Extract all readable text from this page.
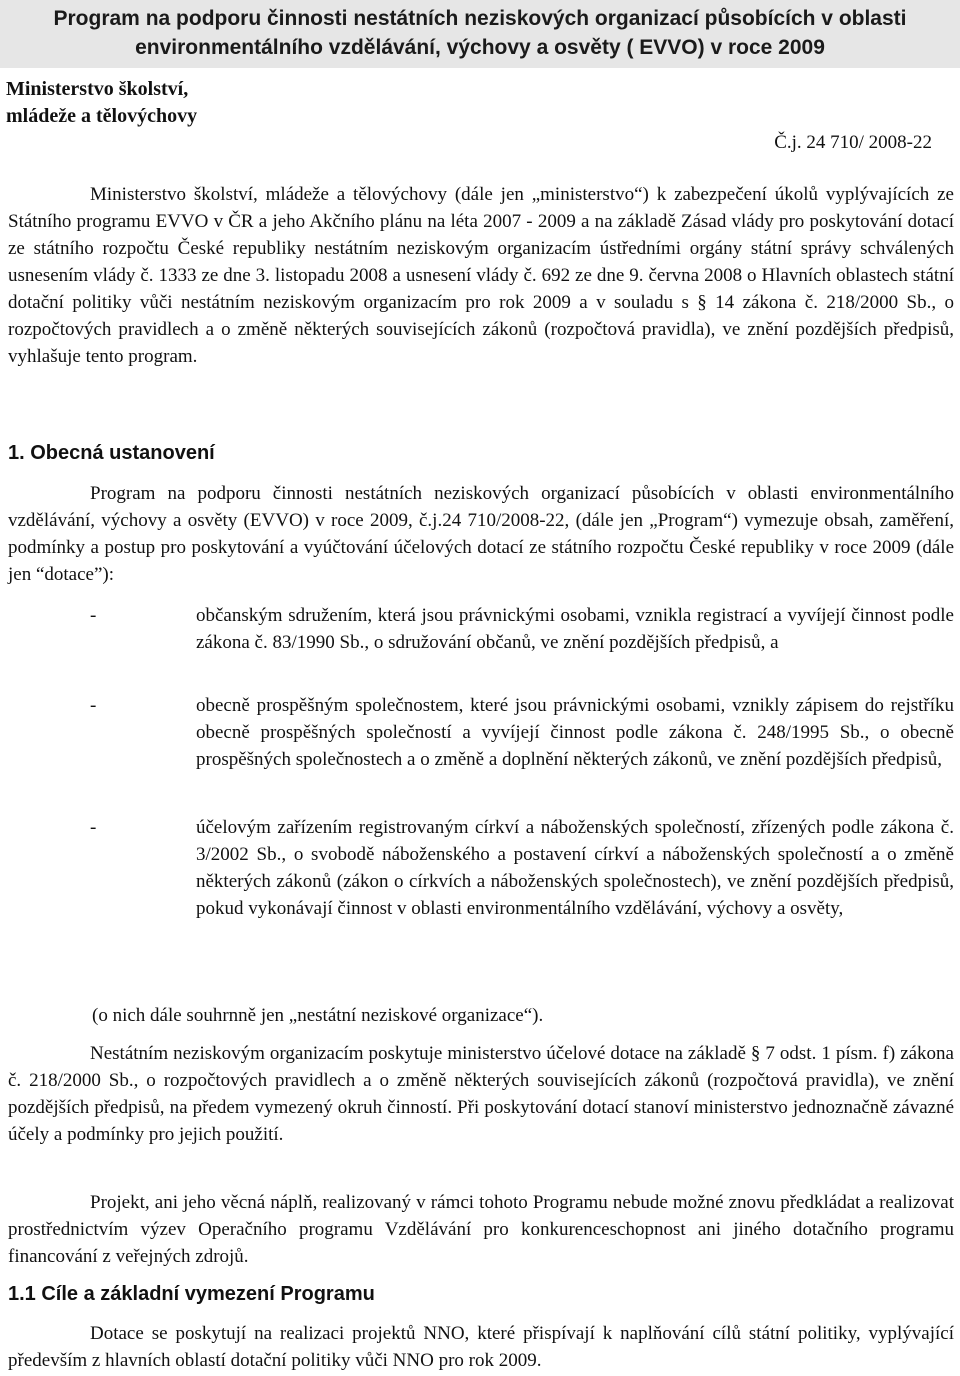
Program na podporu činnosti nestátních neziskových organizací působících v oblasti environmentálního vzdělávání, výchovy a osvěty ( EVVO) v roce 2009
Ministerstvo školství,
mládeže a tělovýchovy
Č.j. 24 710/ 2008-22
Ministerstvo školství, mládeže a tělovýchovy (dále jen „ministerstvo“) k zabezpečení úkolů vyplývajících ze Státního programu EVVO v ČR a jeho Akčního plánu na léta 2007 - 2009 a na základě Zásad vlády pro poskytování dotací ze státního rozpočtu České republiky nestátním neziskovým organizacím ústředními orgány státní správy schválených usnesením vlády č. 1333 ze dne 3. listopadu 2008 a usnesení vlády č. 692 ze dne 9. června 2008 o Hlavních oblastech státní dotační politiky vůči nestátním neziskovým organizacím pro rok 2009 a v souladu s § 14 zákona č. 218/2000 Sb., o rozpočtových pravidlech a o změně některých souvisejících zákonů (rozpočtová pravidla), ve znění pozdějších předpisů, vyhlašuje tento program.
1. Obecná ustanovení
Program na podporu činnosti nestátních neziskových organizací působících v oblasti environmentálního vzdělávání, výchovy a osvěty (EVVO) v roce 2009, č.j.24 710/2008-22, (dále jen „Program“) vymezuje obsah, zaměření, podmínky a postup pro poskytování a vyúčtování účelových dotací ze státního rozpočtu České republiky v roce 2009 (dále jen “dotace”):
-	občanským sdružením, která jsou právnickými osobami, vznikla registrací a vyvíjejí činnost podle zákona č. 83/1990 Sb., o sdružování občanů, ve znění pozdějších předpisů, a
-	obecně prospěšným společnostem, které jsou právnickými osobami, vznikly zápisem do rejstříku obecně prospěšných společností a vyvíjejí činnost podle zákona č. 248/1995 Sb., o obecně prospěšných společnostech a o změně a doplnění některých zákonů, ve znění pozdějších předpisů,
-	účelovým zařízením registrovaným církví a náboženských společností, zřízených podle zákona č. 3/2002 Sb., o svobodě náboženského a postavení církví a náboženských společností a o změně některých zákonů (zákon o církvích a náboženských společnostech), ve znění pozdějších předpisů, pokud vykonávají činnost v oblasti environmentálního vzdělávání, výchovy a osvěty,
(o nich dále souhrnně jen „nestátní neziskové organizace“).
Nestátním neziskovým organizacím poskytuje ministerstvo účelové dotace na základě § 7 odst. 1 písm. f) zákona č. 218/2000 Sb., o rozpočtových pravidlech a o změně některých souvisejících zákonů (rozpočtová pravidla), ve znění pozdějších předpisů, na předem vymezený okruh činností. Při poskytování dotací stanoví ministerstvo jednoznačně závazné účely a podmínky pro jejich použití.
Projekt, ani jeho věcná náplň, realizovaný v rámci tohoto Programu nebude možné znovu předkládat a realizovat prostřednictvím výzev Operačního programu Vzdělávání pro konkurenceschopnost ani jiného dotačního programu financování z veřejných zdrojů.
1.1 Cíle a základní vymezení Programu
Dotace se poskytují na realizaci projektů NNO, které přispívají k naplňování cílů státní politiky, vyplývající především z hlavních oblastí dotační politiky vůči NNO pro rok 2009.
